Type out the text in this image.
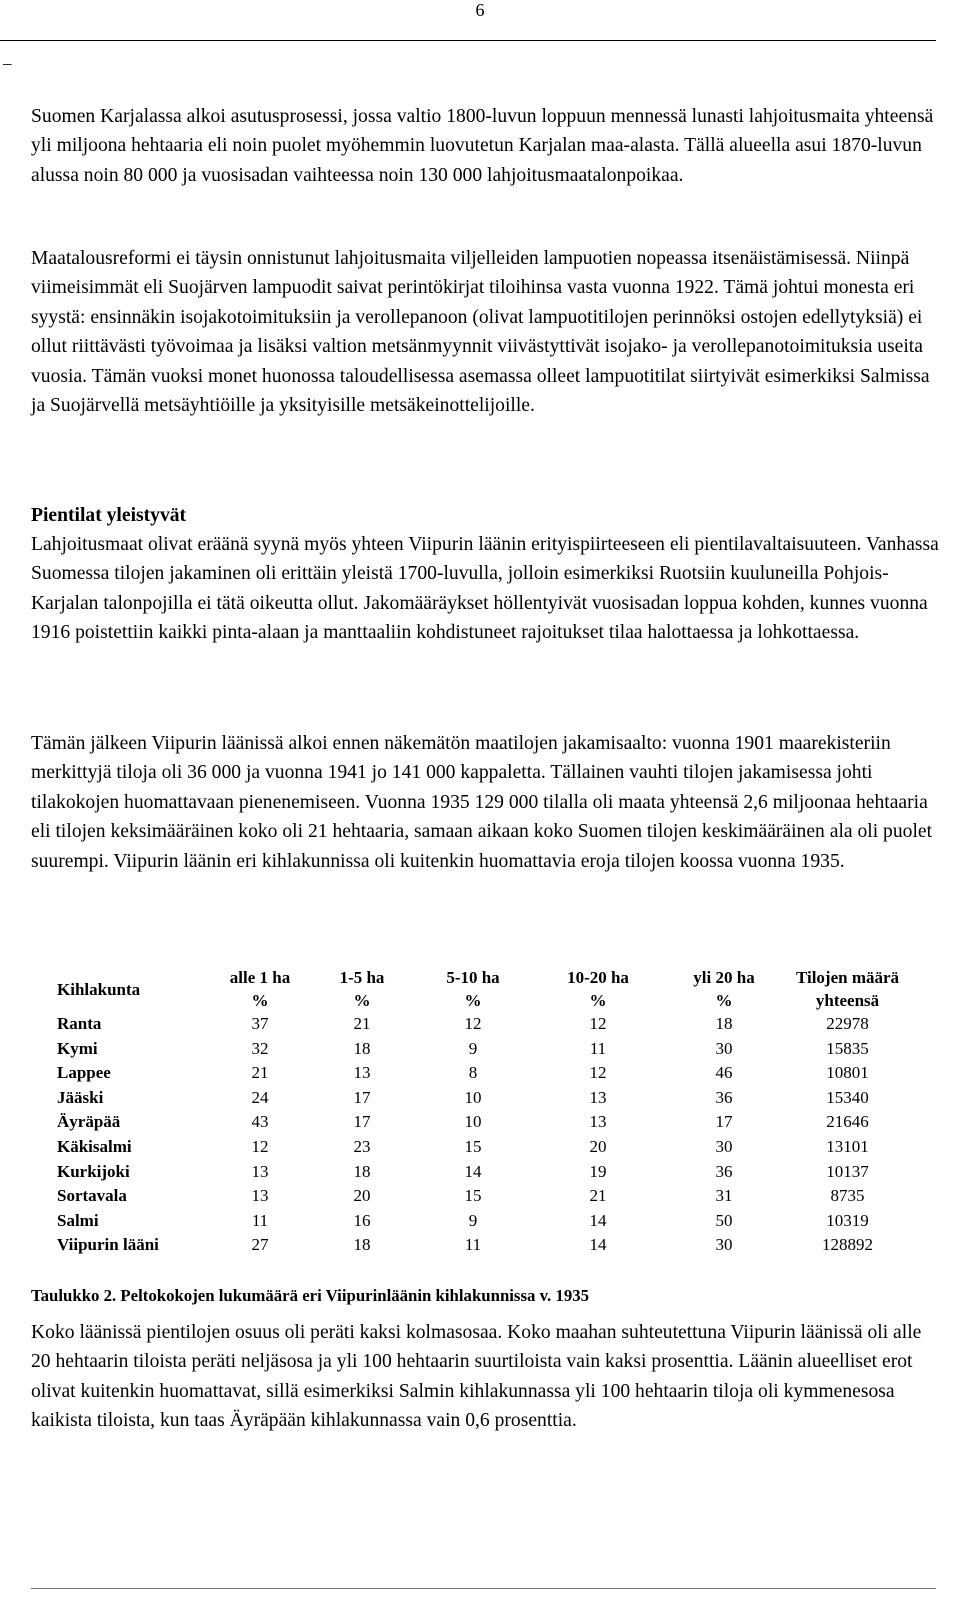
6
_

Suomen Karjalassa alkoi asutusprosessi, jossa valtio 1800-luvun loppuun mennessä lunasti lahjoitusmaita yhteensä yli miljoona hehtaaria eli noin puolet myöhemmin luovutetun Karjalan maa-alasta. Tällä alueella asui 1870-luvun alussa noin 80 000 ja vuosisadan vaihteessa noin 130 000 lahjoitusmaatalonpoikaa.

Maatalousreformi ei täysin onnistunut lahjoitusmaita viljelleiden lampuotien nopeassa itsenäistämisessä. Niinpä viimeisimmät eli Suojärven lampuodit saivat perintökirjat tiloihinsa vasta vuonna 1922. Tämä johtui monesta eri syystä: ensinnäkin isojakotoimituksiin ja verollepanoon (olivat lampuotitilojen perinnöksi ostojen edellytyksiä) ei ollut riittävästi työvoimaa ja lisäksi valtion metsänmyynnit viivästyttivät isojako- ja verollepanotoimituksia useita vuosia. Tämän vuoksi monet huonossa taloudellisessa asemassa olleet lampuotitilat siirtyivät esimerkiksi Salmissa ja Suojärvellä metsäyhtiöille ja yksityisille metsäkeinottelijoille.

Pientilat yleistyvät

Lahjoitusmaat olivat eräänä syynä myös yhteen Viipurin läänin erityispiirteeseen eli pientilavaltaisuuteen. Vanhassa Suomessa tilojen jakaminen oli erittäin yleistä 1700-luvulla, jolloin esimerkiksi Ruotsiin kuuluneilla Pohjois-Karjalan talonpojilla ei tätä oikeutta ollut. Jakomääräykset höllentyivät vuosisadan loppua kohden, kunnes vuonna 1916 poistettiin kaikki pinta-alaan ja manttaaliin kohdistuneet rajoitukset tilaa halottaessa ja lohkottaessa.

Tämän jälkeen Viipurin läänissä alkoi ennen näkemätön maatilojen jakamisaalto: vuonna 1901 maarekisteriin merkittyjä tiloja oli 36 000 ja vuonna 1941 jo 141 000 kappaletta. Tällainen vauhti tilojen jakamisessa johti tilakokojen huomattavaan pienenemiseen. Vuonna 1935 129 000 tilalla oli maata yhteensä 2,6 miljoonaa hehtaaria eli tilojen keksimääräinen koko oli 21 hehtaaria, samaan aikaan koko Suomen tilojen keskimääräinen ala oli puolet suurempi. Viipurin läänin eri kihlakunnissa oli kuitenkin huomattavia eroja tilojen koossa vuonna 1935.

Kihlakunta	alle 1 ha	1-5 ha	5-10 ha	10-20 ha	yli 20 ha	Tilojen määrä
	%	%	%	%	%	yhteensä
Ranta	37	21	12	12	18	22978
Kymi	32	18	9	11	30	15835
Lappee	21	13	8	12	46	10801
Jääski	24	17	10	13	36	15340
Äyräpää	43	17	10	13	17	21646
Käkisalmi	12	23	15	20	30	13101
Kurkijoki	13	18	14	19	36	10137
Sortavala	13	20	15	21	31	8735
Salmi	11	16	9	14	50	10319
Viipurin lääni	27	18	11	14	30	128892

Taulukko 2. Peltokokojen lukumäärä eri Viipurinläänin kihlakunnissa v. 1935

Koko läänissä pientilojen osuus oli peräti kaksi kolmasosaa. Koko maahan suhteutettuna Viipurin läänissä oli alle 20 hehtaarin tiloista peräti neljäsosa ja yli 100 hehtaarin suurtiloista vain kaksi prosenttia. Läänin alueelliset erot olivat kuitenkin huomattavat, sillä esimerkiksi Salmin kihlakunnassa yli 100 hehtaarin tiloja oli kymmenesosa kaikista tiloista, kun taas Äyräpään kihlakunnassa vain 0,6 prosenttia.
